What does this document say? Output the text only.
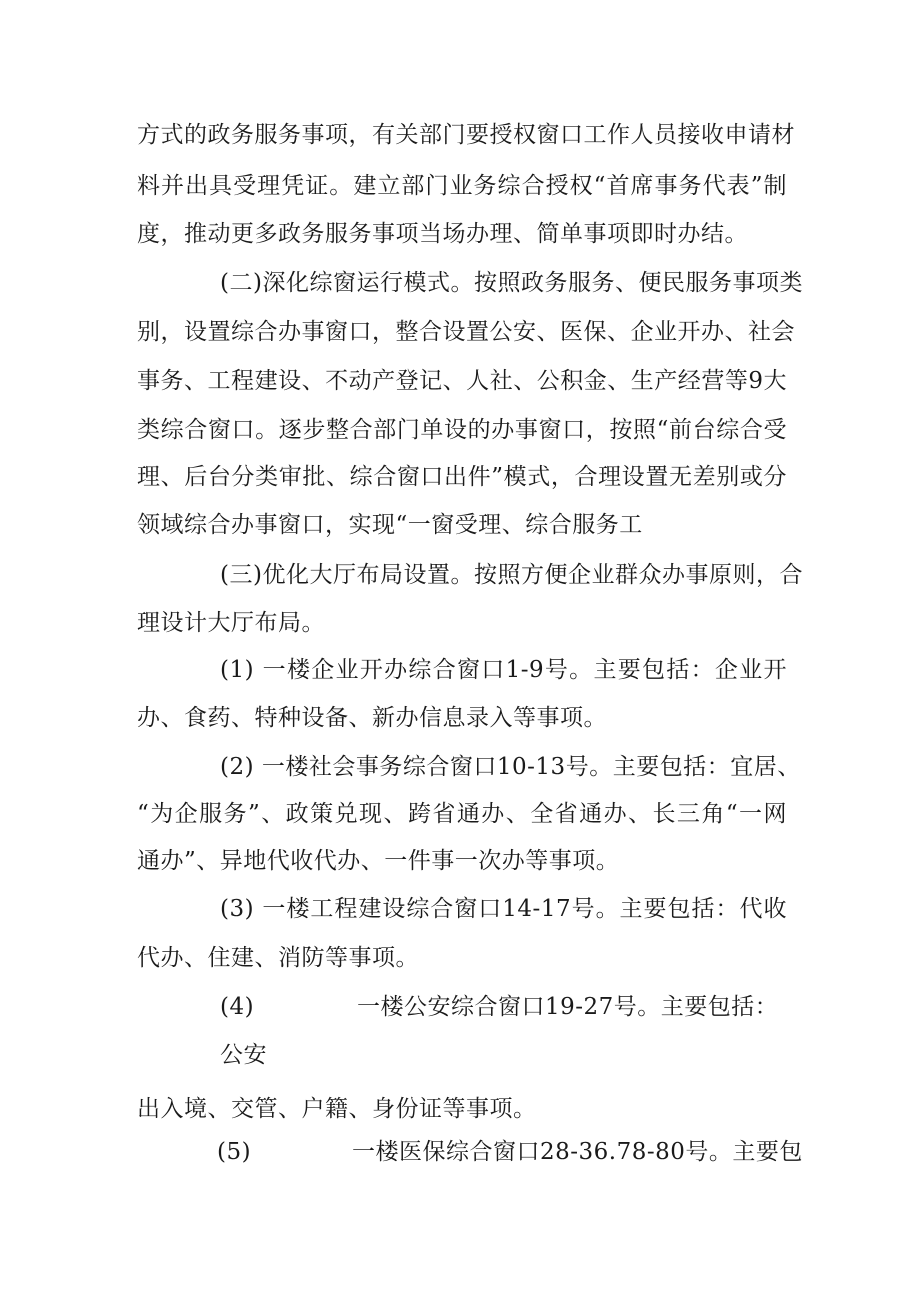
方式的政务服务事项，有关部门要授权窗口工作人员接收申请材
料并出具受理凭证。建立部门业务综合授权“首席事务代表”制
度，推动更多政务服务事项当场办理、简单事项即时办结。
(二)深化综窗运行模式。按照政务服务、便民服务事项类
别，设置综合办事窗口，整合设置公安、医保、企业开办、社会
事务、工程建设、不动产登记、人社、公积金、生产经营等9大
类综合窗口。逐步整合部门单设的办事窗口，按照“前台综合受
理、后台分类审批、综合窗口出件”模式，合理设置无差别或分
领域综合办事窗口，实现“一窗受理、综合服务工
(三)优化大厅布局设置。按照方便企业群众办事原则，合
理设计大厅布局。
(1) 一楼企业开办综合窗口1-9号。主要包括：企业开
办、食药、特种设备、新办信息录入等事项。
(2) 一楼社会事务综合窗口10-13号。主要包括：宜居、
“为企服务”、政策兑现、跨省通办、全省通办、长三角“一网
通办”、异地代收代办、一件事一次办等事项。
(3) 一楼工程建设综合窗口14-17号。主要包括：代收
代办、住建、消防等事项。
(4)	一楼公安综合窗口19-27号。主要包括：
公安
出入境、交管、户籍、身份证等事项。
(5)	一楼医保综合窗口28-36.78-80号。主要包
